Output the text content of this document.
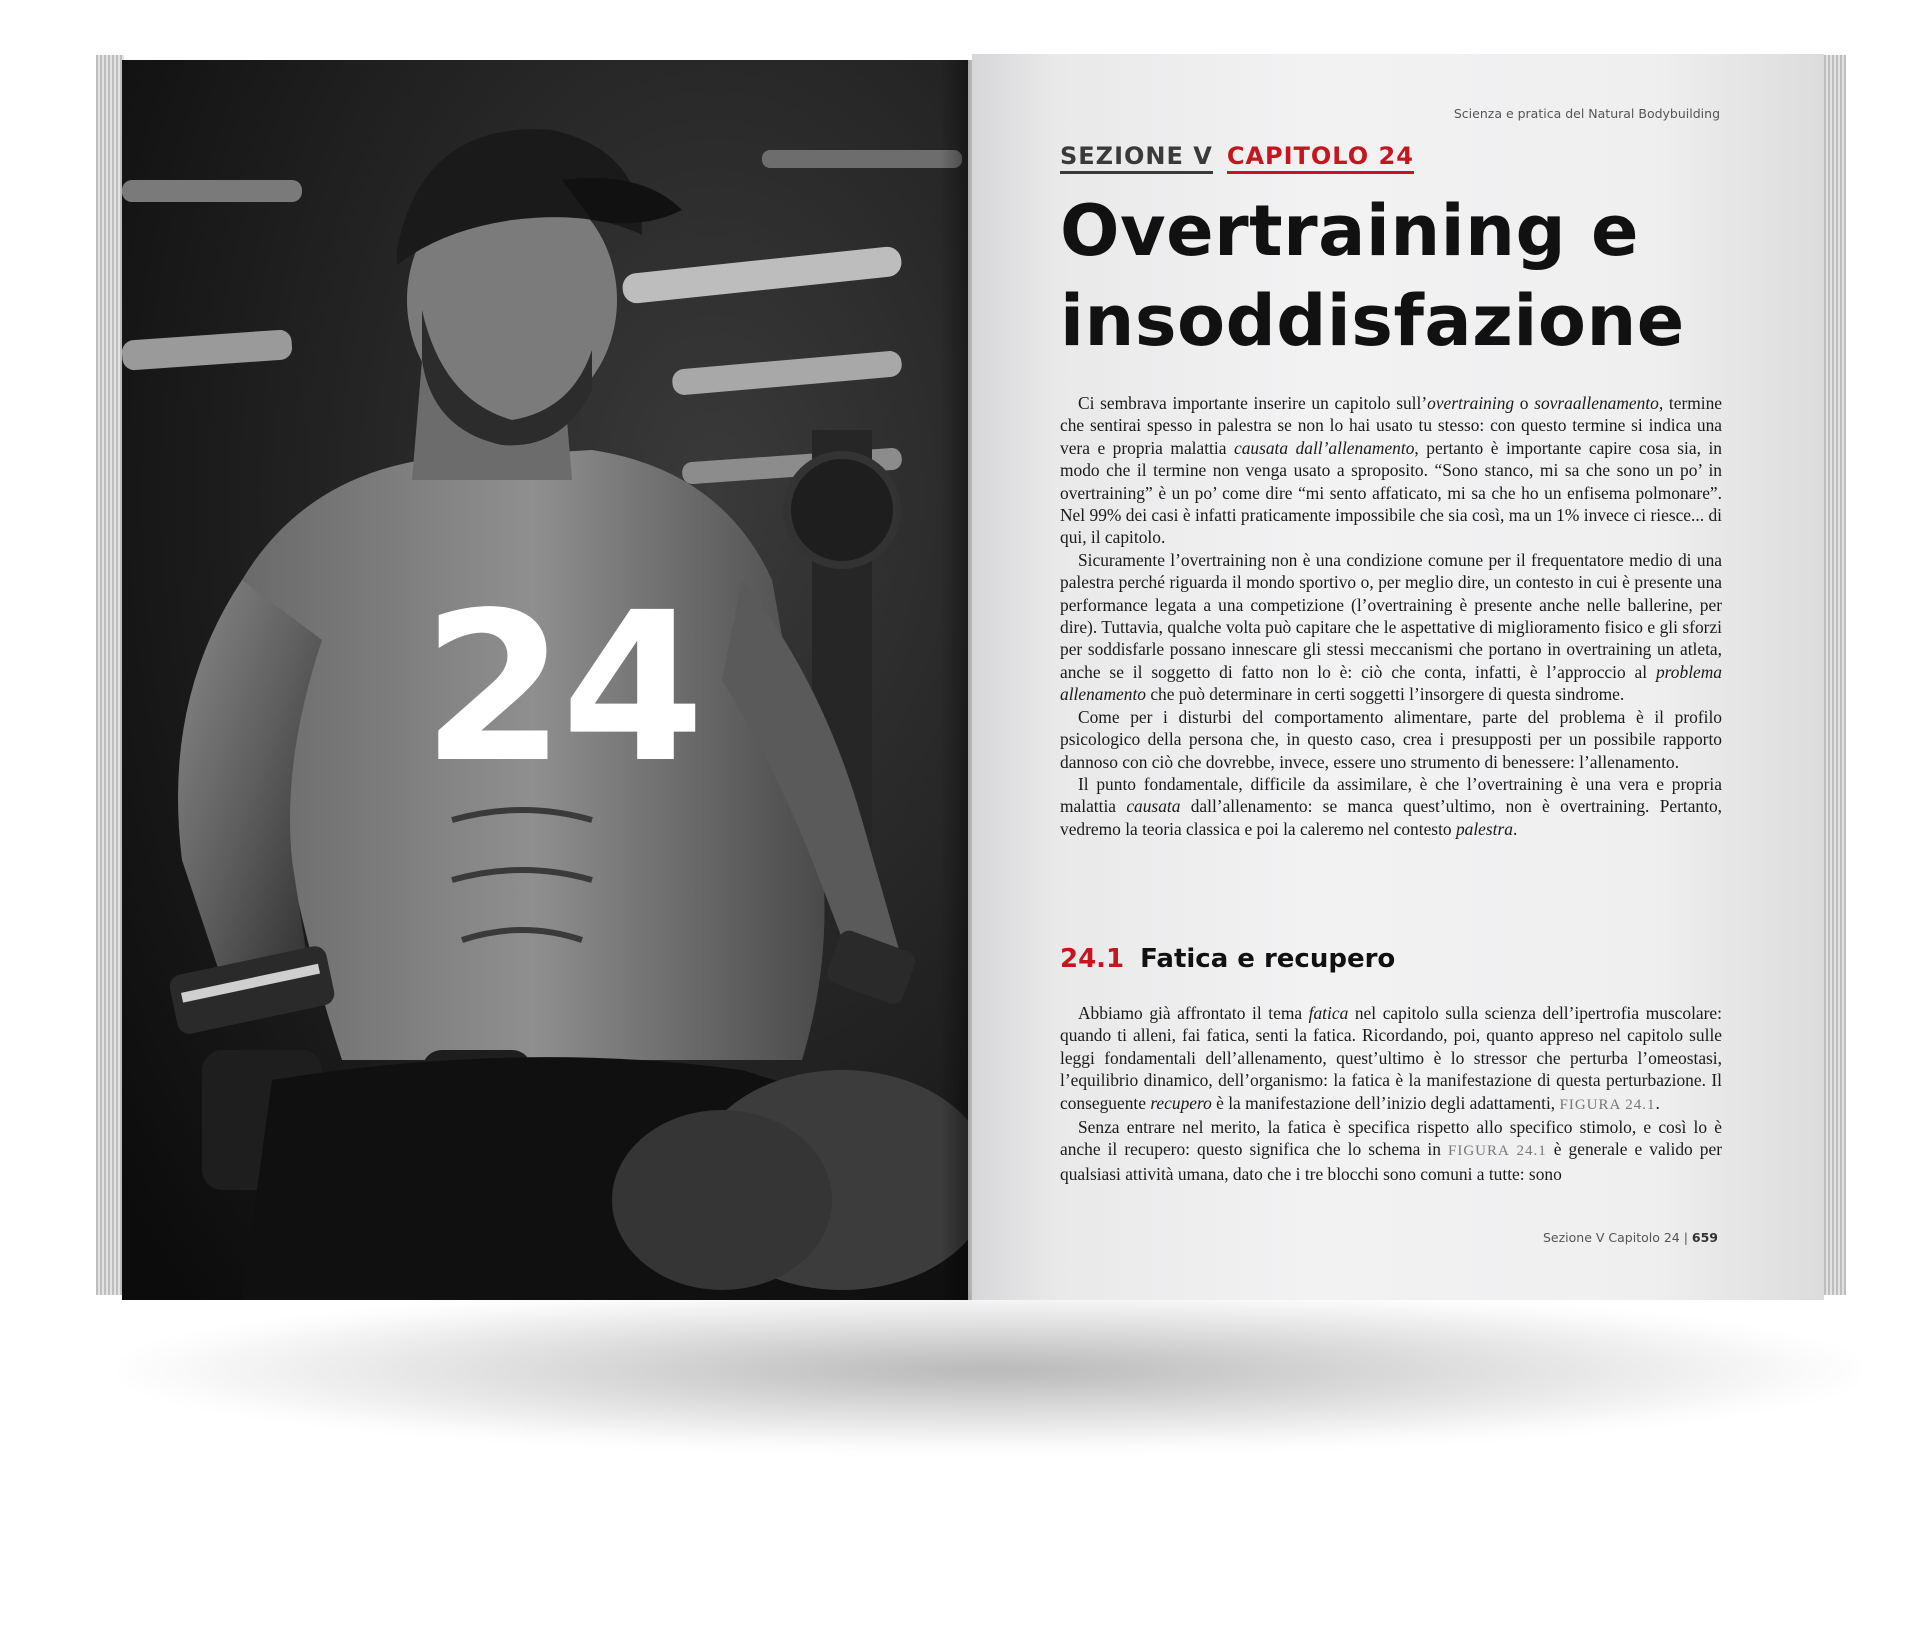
24
Scienza e pratica del Natural Bodybuilding
SEZIONE V CAPITOLO 24
Overtraining e
insoddisfazione

Ci sembrava importante inserire un capitolo sull’overtraining o sovraallenamento, termine che sentirai spesso in palestra se non lo hai usato tu stesso: con questo termine si indica una vera e propria malattia causata dall’allenamento, pertanto è importante capire cosa sia, in modo che il termine non venga usato a sproposito. “Sono stanco, mi sa che sono un po’ in overtraining” è un po’ come dire “mi sento affaticato, mi sa che ho un enfisema polmonare”. Nel 99% dei casi è infatti praticamente impossibile che sia così, ma un 1% invece ci riesce... di qui, il capitolo.

Sicuramente l’overtraining non è una condizione comune per il frequentatore medio di una palestra perché riguarda il mondo sportivo o, per meglio dire, un contesto in cui è presente una performance legata a una competizione (l’overtraining è presente anche nelle ballerine, per dire). Tuttavia, qualche volta può capitare che le aspettative di miglioramento fisico e gli sforzi per soddisfarle possano innescare gli stessi meccanismi che portano in overtraining un atleta, anche se il soggetto di fatto non lo è: ciò che conta, infatti, è l’approccio al problema allenamento che può determinare in certi soggetti l’insorgere di questa sindrome.

Come per i disturbi del comportamento alimentare, parte del problema è il profilo psicologico della persona che, in questo caso, crea i presupposti per un possibile rapporto dannoso con ciò che dovrebbe, invece, essere uno strumento di benessere: l’allenamento.

Il punto fondamentale, difficile da assimilare, è che l’overtraining è una vera e propria malattia causata dall’allenamento: se manca quest’ultimo, non è overtraining. Pertanto, vedremo la teoria classica e poi la caleremo nel contesto palestra.

24.1 Fatica e recupero

Abbiamo già affrontato il tema fatica nel capitolo sulla scienza dell’ipertrofia muscolare: quando ti alleni, fai fatica, senti la fatica. Ricordando, poi, quanto appreso nel capitolo sulle leggi fondamentali dell’allenamento, quest’ultimo è lo stressor che perturba l’omeostasi, l’equilibrio dinamico, dell’organismo: la fatica è la manifestazione di questa perturbazione. Il conseguente recupero è la manifestazione dell’inizio degli adattamenti, FIGURA 24.1.

Senza entrare nel merito, la fatica è specifica rispetto allo specifico stimolo, e così lo è anche il recupero: questo significa che lo schema in FIGURA 24.1 è generale e valido per qualsiasi attività umana, dato che i tre blocchi sono comuni a tutte: sono

Sezione V Capitolo 24 | 659
